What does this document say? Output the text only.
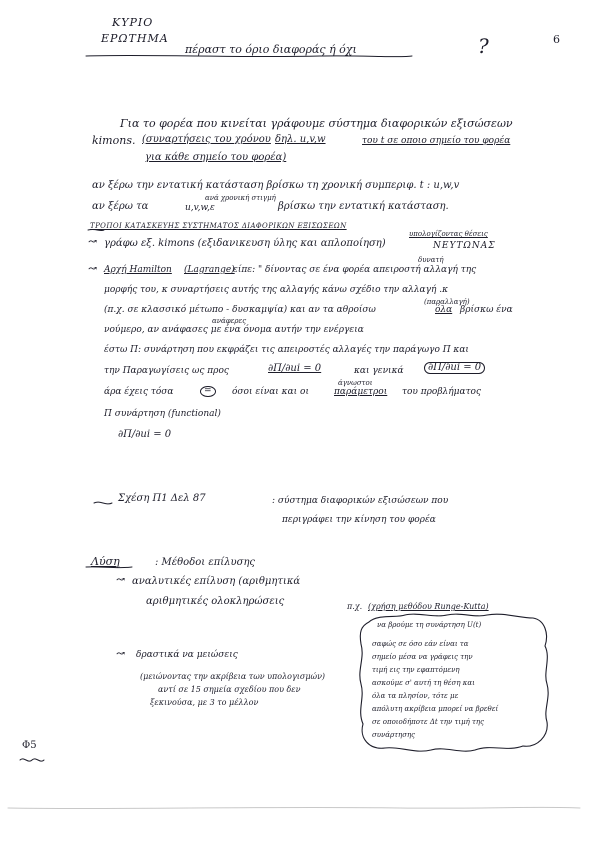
ΚΥΡΙΟ
ΕΡΩΤΗΜΑ
πέραστ το όριο διαφοράς ή όχι	?	6
Για το φορέα που κινείται γράφουμε σύστημα διαφορικών εξισώσεων
kimons. (συναρτήσεις του χρόνου δηλ. u,v,w	του t σε οποιο σημείο του φορέα
για κάθε σημείο του φορέα)
αν ξέρω την εντατική κατάσταση βρίσκω τη χρονική συμπεριφ. t : u,w,v
ανά χρονική στιγμή
αν ξέρω τα	u,v,w,ε	βρίσκω την εντατική κατάσταση.
ΤΡΟΠΟΙ ΚΑΤΑΣΚΕΥΗΣ ΣΥΣΤΗΜΑΤΟΣ ΔΙΑΦΟΡΙΚΩΝ ΕΞΙΣΩΣΕΩΝ
↝ γράφω εξ. kimons (εξιδανικευση ύλης και απλοποίηση)
υπολογίζοντας θέσεις
ΝΕΥΤΩΝΑΣ
↝ Αρχή Hamilton (Lagrange)
δυνατή
είπε: " δίνοντας σε ένα φορέα απειροστή αλλαγή της
μορφής του, κ συναρτήσεις αυτής της αλλαγής κάνω σχέδιο την αλλαγή .κ
(παραλλαγή)
(π.χ. σε κλασσικό μέτωπο - δυσκαμψία) και αν τα αθροίσω	όλα βρίσκω ένα
ανάφερες
νούμερο, αν ανάφασες με ένα όνομα αυτήν την ενέργεια
έστω Π: συνάρτηση που εκφράζει τις απειροστές αλλαγές την παράγωγο Π και
την Παραγωγίσεις ως προς	∂Π/∂ui = 0	και γενικά	∂Π/∂ui = 0
άγνωστοι
άρα έχεις τόσα	=	όσοι είναι και οι	παράμετροι του προβλήματος
Π συνάρτηση (functional)
∂Π/∂ui = 0
Σχέση Π1 Δελ 87	: σύστημα διαφορικών εξισώσεων που
περιγράφει την κίνηση του φορέα
Λύση	: Μέθοδοι επίλυσης
↝ αναλυτικές επίλυση (αριθμητικά
αριθμητικές ολοκληρώσεις
↝ δραστικά να μειώσεις
(μειώνοντας την ακρίβεια των υπολογισμών)
αντί σε 15 σημεία σχεδίου που δεν
ξεκινούσα, με 3 το μέλλον
π.χ. (χρήση μεθόδου Runge-Kutta)
να βρούμε τη συνάρτηση U(t)
σαφώς σε όσο εάν είναι τα
σημείο μέσα να γράφεις την
τιμή εις την εφαπτόμενη
ασκούμε σ' αυτή τη θέση και
όλα τα πλησίον, τότε με
απόλυτη ακρίβεια μπορεί να βρεθεί
σε οποιοδήποτε Δt την τιμή της
συνάρτησης
Φ5
